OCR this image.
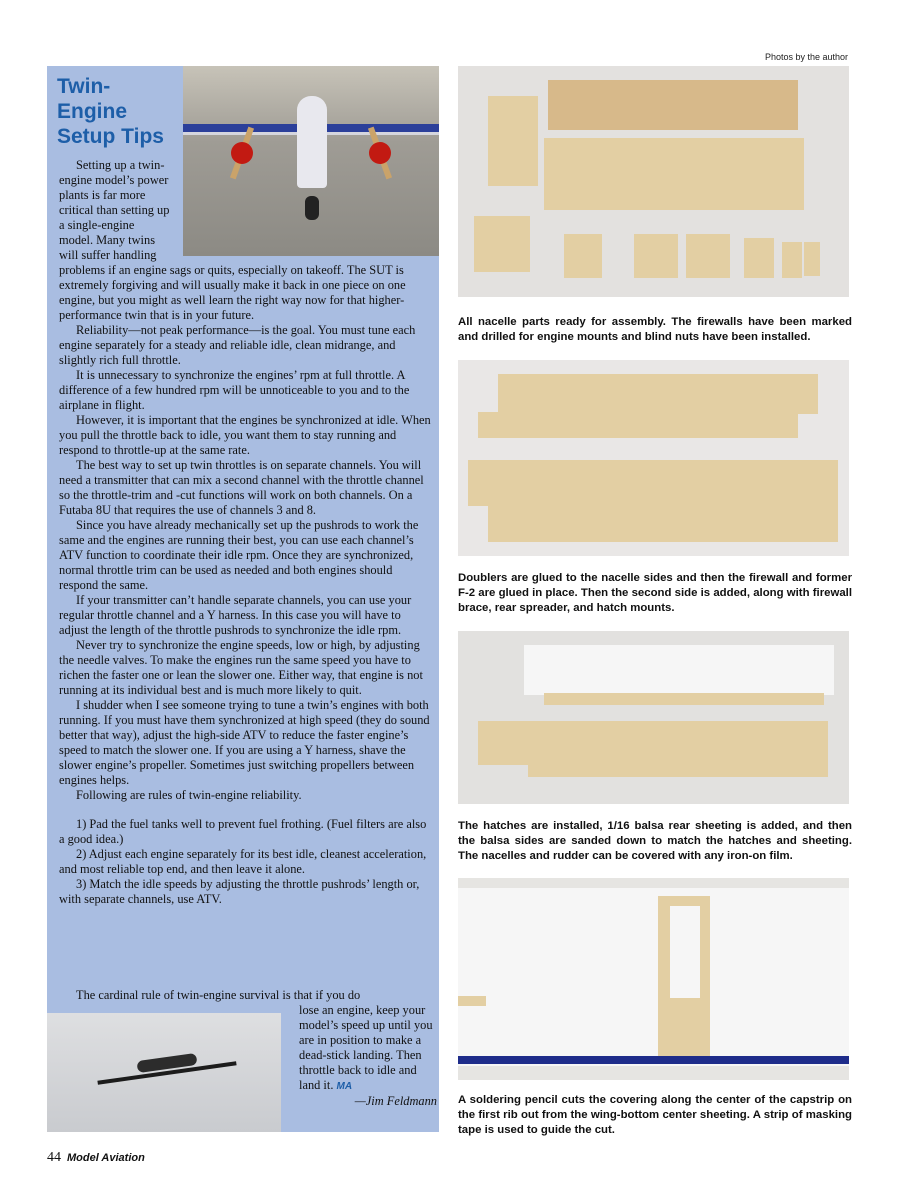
Photos by the author
Twin-
Engine
Setup Tips

Setting up a twin-engine model’s power plants is far more critical than setting up a single-engine model. Many twins will suffer handling problems if an engine sags or quits, especially on takeoff. The SUT is extremely forgiving and will usually make it back in one piece on one engine, but you might as well learn the right way now for that higher-performance twin that is in your future.

Reliability—not peak performance—is the goal. You must tune each engine separately for a steady and reliable idle, clean midrange, and slightly rich full throttle.

It is unnecessary to synchronize the engines’ rpm at full throttle. A difference of a few hundred rpm will be unnoticeable to you and to the airplane in flight.

However, it is important that the engines be synchronized at idle. When you pull the throttle back to idle, you want them to stay running and respond to throttle-up at the same rate.

The best way to set up twin throttles is on separate channels. You will need a transmitter that can mix a second channel with the throttle channel so the throttle-trim and -cut functions will work on both channels. On a Futaba 8U that requires the use of channels 3 and 8.

Since you have already mechanically set up the pushrods to work the same and the engines are running their best, you can use each channel’s ATV function to coordinate their idle rpm. Once they are synchronized, normal throttle trim can be used as needed and both engines should respond the same.

If your transmitter can’t handle separate channels, you can use your regular throttle channel and a Y harness. In this case you will have to adjust the length of the throttle pushrods to synchronize the idle rpm.

Never try to synchronize the engine speeds, low or high, by adjusting the needle valves. To make the engines run the same speed you have to richen the faster one or lean the slower one. Either way, that engine is not running at its individual best and is much more likely to quit.

I shudder when I see someone trying to tune a twin’s engines with both running. If you must have them synchronized at high speed (they do sound better that way), adjust the high-side ATV to reduce the faster engine’s speed to match the slower one. If you are using a Y harness, shave the slower engine’s propeller. Sometimes just switching propellers between engines helps.

Following are rules of twin-engine reliability.

1) Pad the fuel tanks well to prevent fuel frothing. (Fuel filters are also a good idea.)

2) Adjust each engine separately for its best idle, cleanest acceleration, and most reliable top end, and then leave it alone.

3) Match the idle speeds by adjusting the throttle pushrods’ length or, with separate channels, use ATV.

The cardinal rule of twin-engine survival is that if you do

lose an engine, keep your model’s speed up until you are in position to make a dead-stick landing. Then throttle back to idle and land it. MA
—Jim Feldmann
All nacelle parts ready for assembly. The firewalls have been marked and drilled for engine mounts and blind nuts have been installed.
Doublers are glued to the nacelle sides and then the firewall and former F-2 are glued in place. Then the second side is added, along with firewall brace, rear spreader, and hatch mounts.
The hatches are installed, 1/16 balsa rear sheeting is added, and then the balsa sides are sanded down to match the hatches and sheeting. The nacelles and rudder can be covered with any iron-on film.
A soldering pencil cuts the covering along the center of the capstrip on the first rib out from the wing-bottom center sheeting. A strip of masking tape is used to guide the cut.
44 Model Aviation
